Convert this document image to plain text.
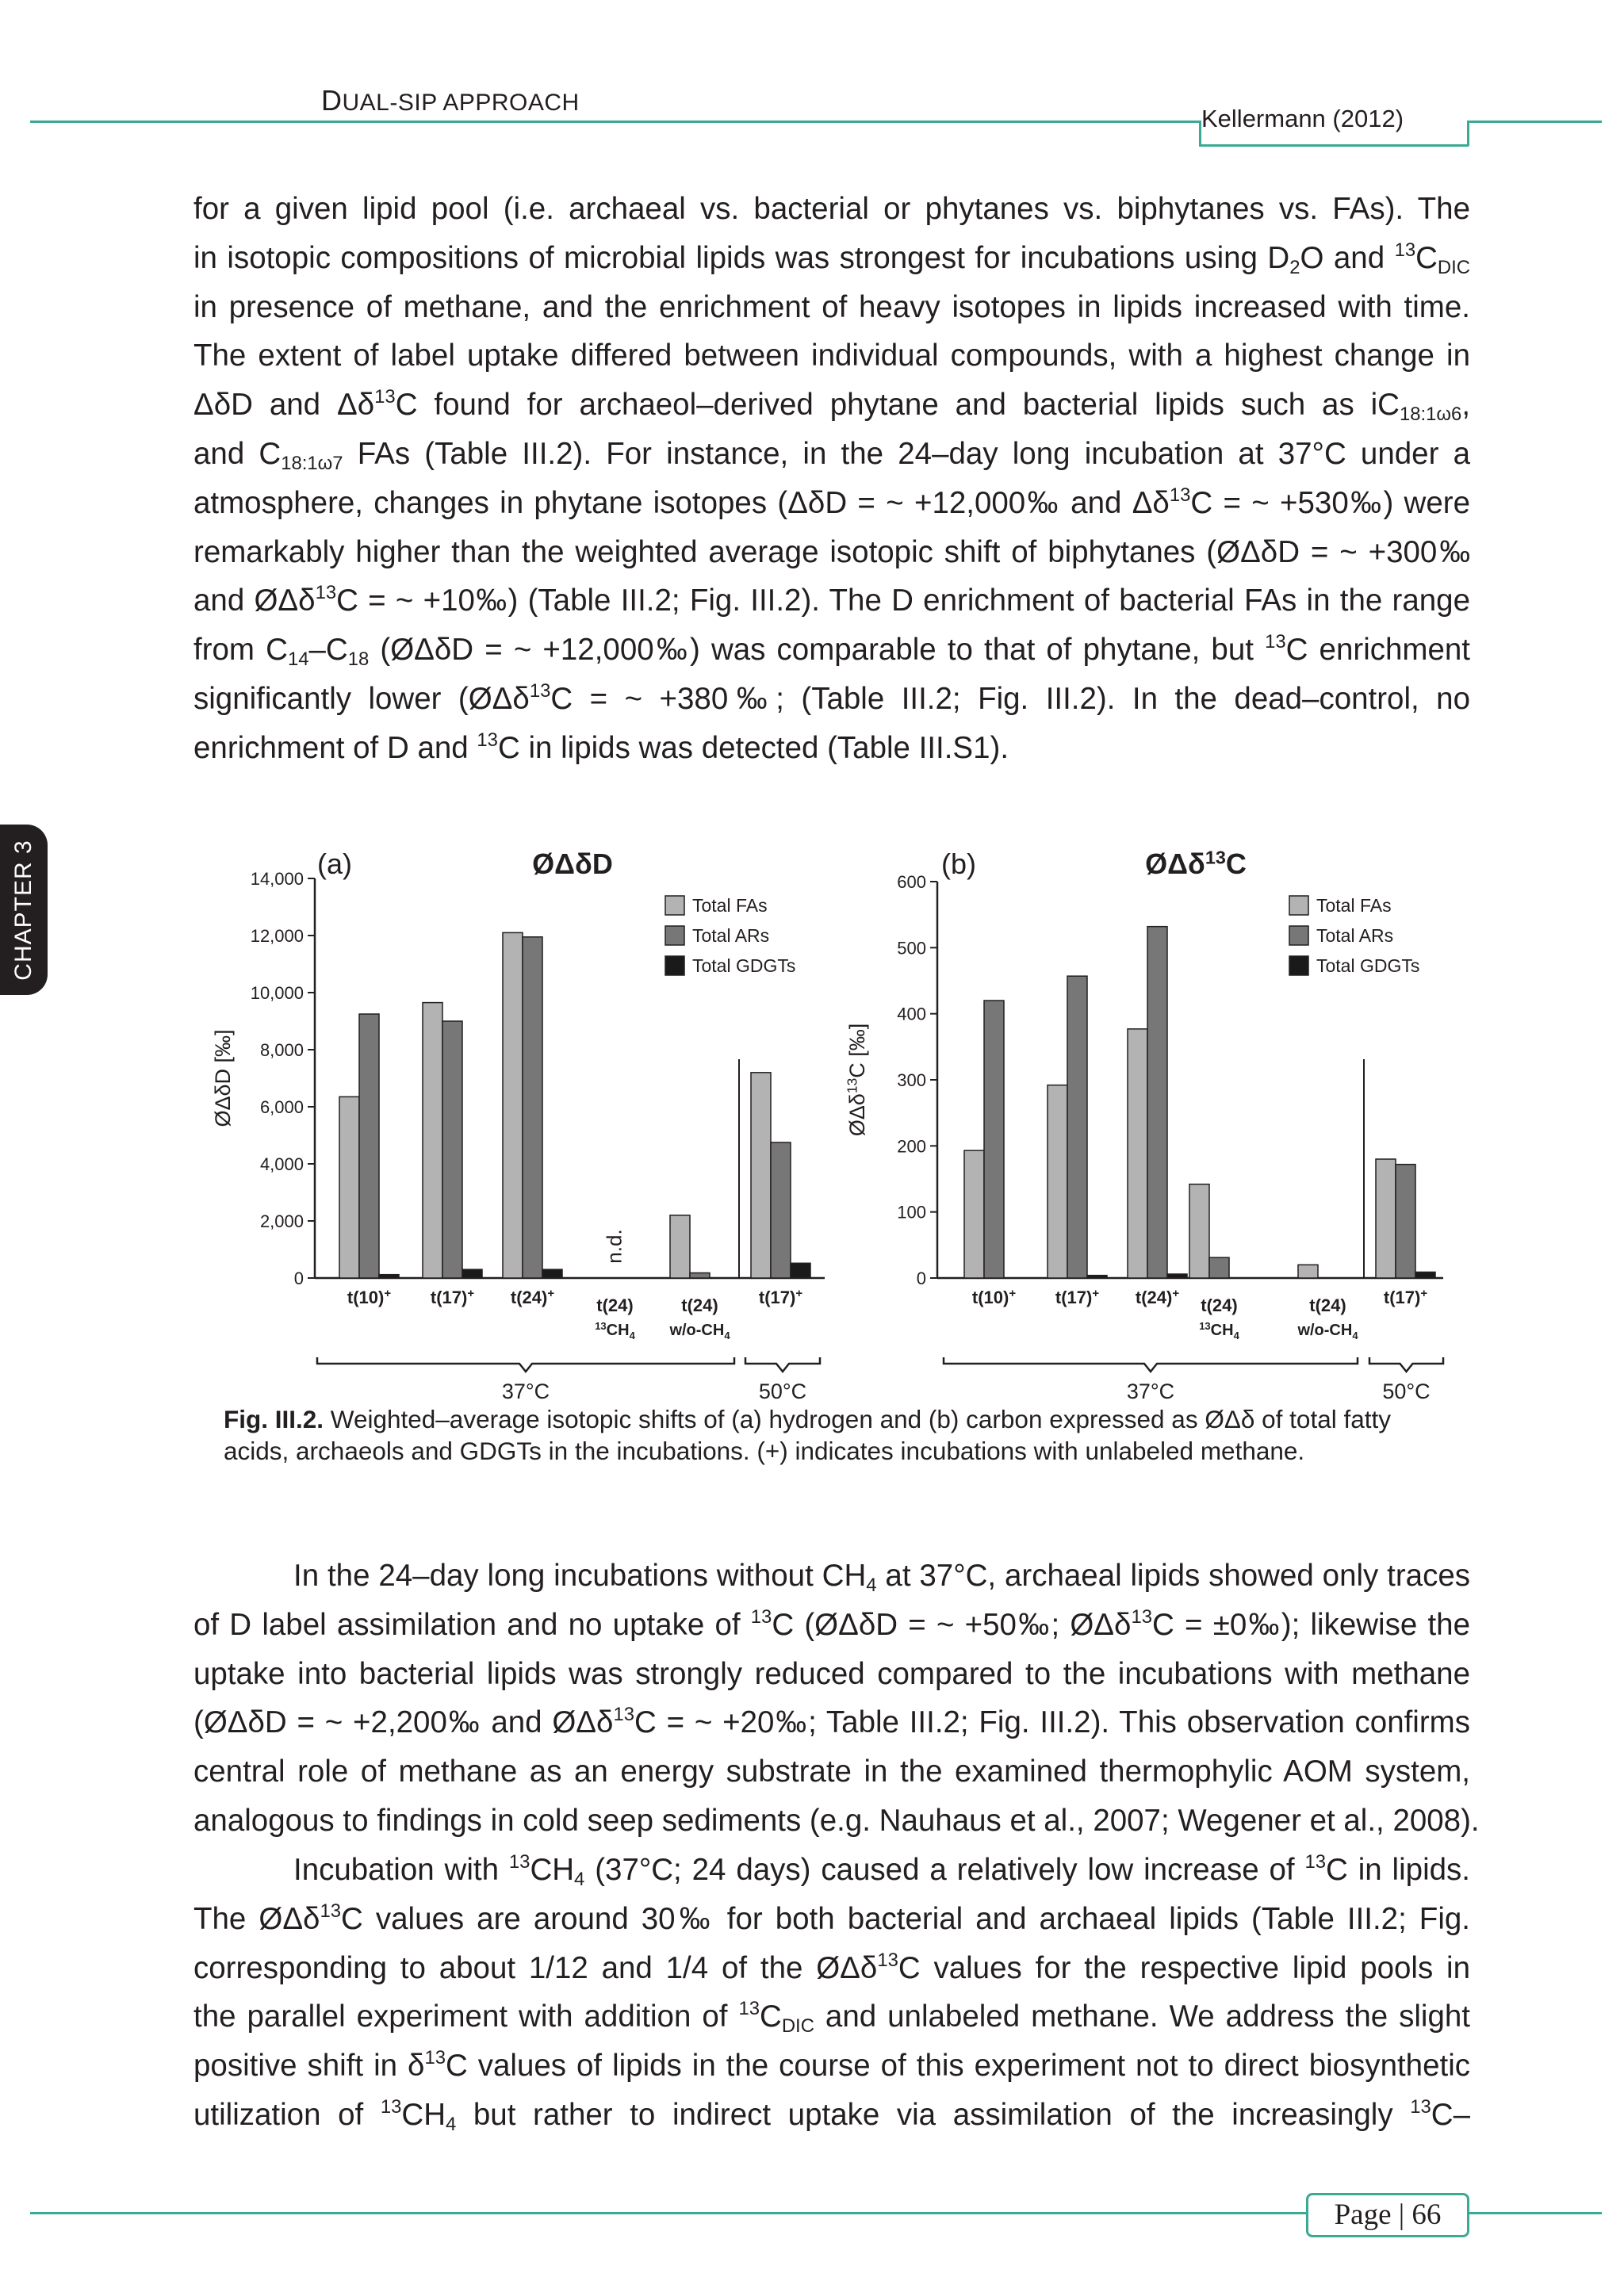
DUAL-SIP APPROACH
Kellermann (2012)
CHAPTER 3
for a given lipid pool (i.e. archaeal vs. bacterial or phytanes vs. biphytanes vs. FAs). The
in isotopic compositions of microbial lipids was strongest for incubations using $D_2O$ and $^{13}C_{DIC}$
in presence of methane, and the enrichment of heavy isotopes in lipids increased with time.
The extent of label uptake differed between individual compounds, with a highest change in
ΔδD and $\Delta\delta^{13}C$ found for archaeol–derived phytane and bacterial lipids such as $iC_{18:1\omega 6}$,
and $C_{18:1\omega 7}$ FAs (Table III.2). For instance, in the 24–day long incubation at 37°C under a
atmosphere, changes in phytane isotopes (ΔδD = ~ +12,000‰ and $\Delta\delta^{13}C$ = ~ +530‰) were
remarkably higher than the weighted average isotopic shift of biphytanes (ØΔδD = ~ +300‰
and ØΔδ$^{13}$C = ~ +10‰) (Table III.2; Fig. III.2). The D enrichment of bacterial FAs in the range
from $C_{14}-C_{18}$ (ØΔδD = ~ +12,000‰) was comparable to that of phytane, but $^{13}$C enrichment
significantly lower (ØΔδ$^{13}$C = ~ +380‰; (Table III.2; Fig. III.2). In the dead–control, no
enrichment of D and $^{13}$C in lipids was detected (Table III.S1).
(a)	ØΔδD
0
2,000
4,000
6,000
8,000
10,000
12,000
14,000
ØΔδD [‰]
t(10)+ t(17)+ t(24)+
t(24)
$^{13}CH_4$
t(24)
$w/o-CH_4$
t(17)+
n.d.
Total FAs
Total ARs
Total GDGTs
37°C	50°C
(b)	ØΔδ$^{13}$C
0
100
200
300
400
500
600
ØΔδ$^{13}$C [‰]
t(10)+ t(17)+ t(24)+
t(24)
$^{13}CH_4$
t(24)
$w/o-CH_4$
t(17)+
Total FAs
Total ARs
Total GDGTs
37°C	50°C
Fig. III.2. Weighted–average isotopic shifts of (a) hydrogen and (b) carbon expressed as ØΔδ of total fatty acids, archaeols and GDGTs in the incubations. (+) indicates incubations with unlabeled methane.
In the 24–day long incubations without $CH_4$ at 37°C, archaeal lipids showed only traces
of D label assimilation and no uptake of $^{13}$C (ØΔδD = ~ +50‰; ØΔδ$^{13}$C = ±0‰); likewise the
uptake into bacterial lipids was strongly reduced compared to the incubations with methane
(ØΔδD = ~ +2,200‰ and ØΔδ$^{13}$C = ~ +20‰; Table III.2; Fig. III.2). This observation confirms
central role of methane as an energy substrate in the examined thermophylic AOM system,
analogous to findings in cold seep sediments (e.g. Nauhaus et al., 2007; Wegener et al., 2008).
Incubation with $^{13}CH_4$ (37°C; 24 days) caused a relatively low increase of $^{13}$C in lipids.
The ØΔδ$^{13}$C values are around 30‰ for both bacterial and archaeal lipids (Table III.2; Fig.
corresponding to about 1/12 and 1/4 of the ØΔδ$^{13}$C values for the respective lipid pools in
the parallel experiment with addition of $^{13}C_{DIC}$ and unlabeled methane. We address the slight
positive shift in $\delta^{13}C$ values of lipids in the course of this experiment not to direct biosynthetic
utilization of $^{13}CH_4$ but rather to indirect uptake via assimilation of the increasingly $^{13}$C–
Page | 66
